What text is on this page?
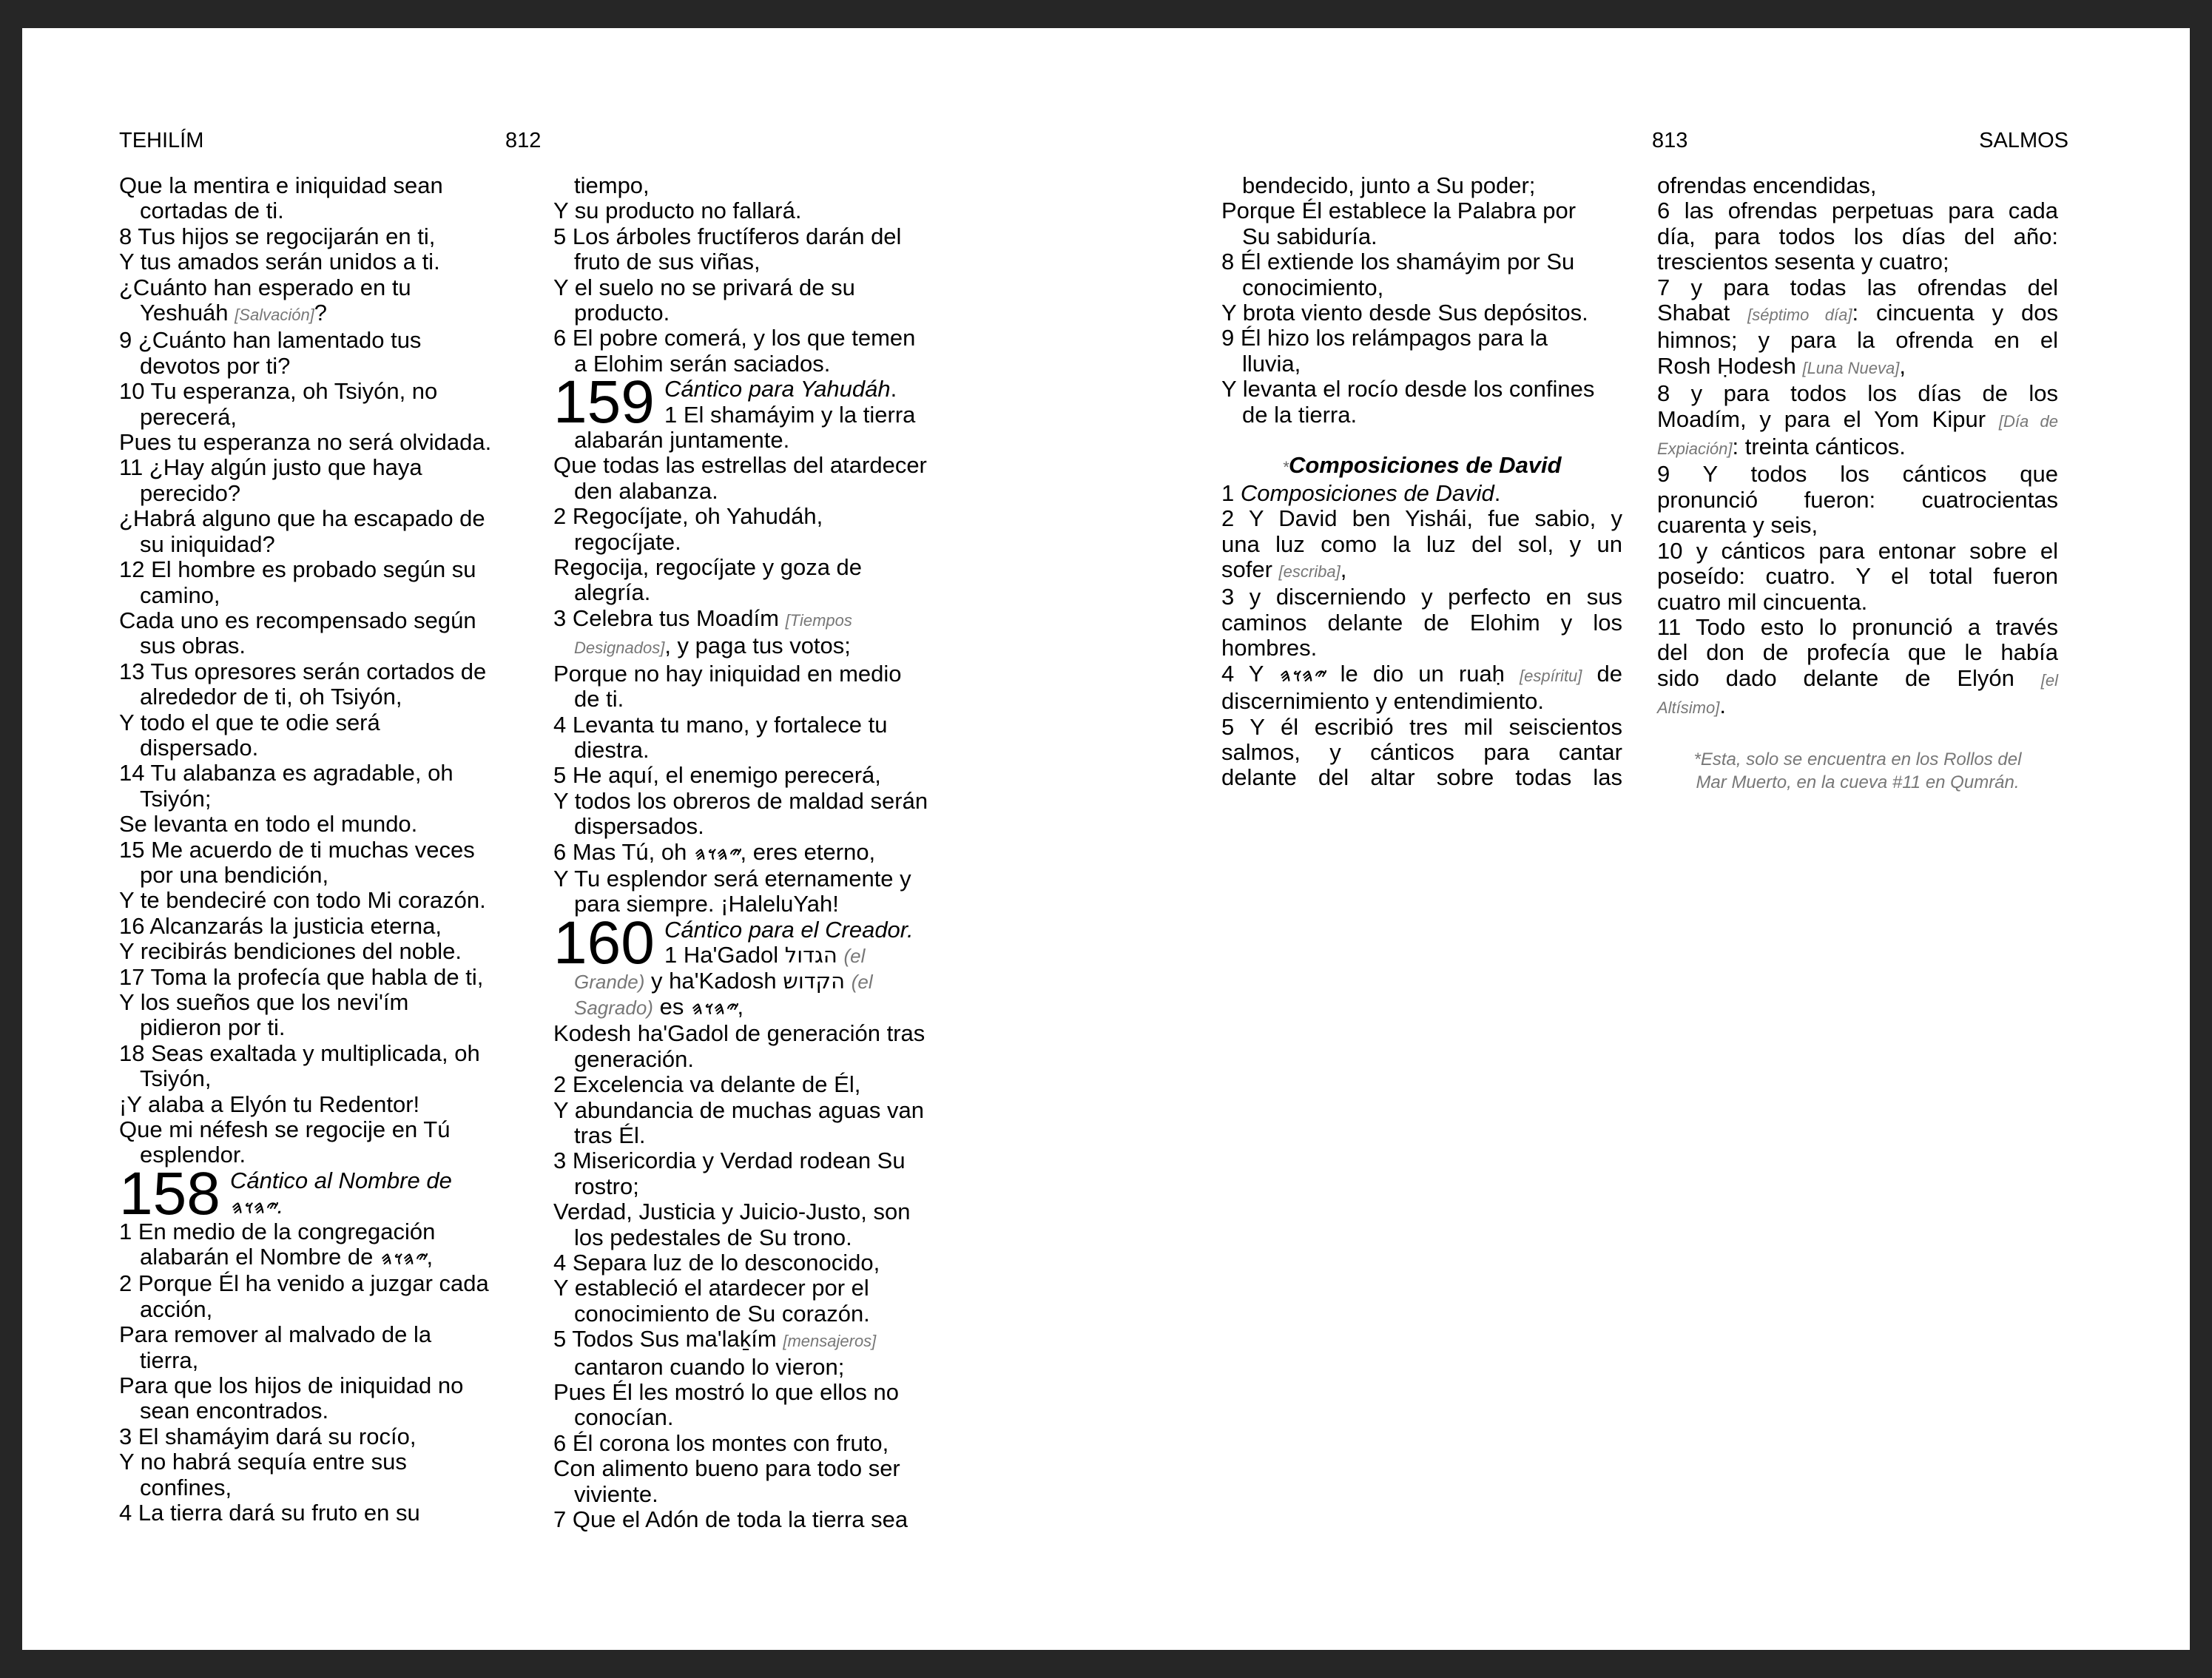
TEHILÍM	812
Que la mentira e iniquidad sean
cortadas de ti.
8 Tus hijos se regocijarán en ti,
Y tus amados serán unidos a ti.
¿Cuánto han esperado en tu
Yeshuáh [Salvación]?
9 ¿Cuánto han lamentado tus
devotos por ti?
10 Tu esperanza, oh Tsiyón, no
perecerá,
Pues tu esperanza no será olvidada.
11 ¿Hay algún justo que haya
perecido?
¿Habrá alguno que ha escapado de
su iniquidad?
12 El hombre es probado según su
camino,
Cada uno es recompensado según
sus obras.
13 Tus opresores serán cortados de
alrededor de ti, oh Tsiyón,
Y todo el que te odie será
dispersado.
14 Tu alabanza es agradable, oh
Tsiyón;
Se levanta en todo el mundo.
15 Me acuerdo de ti muchas veces
por una bendición,
Y te bendeciré con todo Mi corazón.
16 Alcanzarás la justicia eterna,
Y recibirás bendiciones del noble.
17 Toma la profecía que habla de ti,
Y los sueños que los nevi'ím
pidieron por ti.
18 Seas exaltada y multiplicada, oh
Tsiyón,
¡Y alaba a Elyón tu Redentor!
Que mi néfesh se regocije en Tú
esplendor.
158 Cántico al Nombre de
𐤉𐤄𐤅𐤄.
1 En medio de la congregación
alabarán el Nombre de 𐤉𐤄𐤅𐤄,
2 Porque Él ha venido a juzgar cada
acción,
Para remover al malvado de la
tierra,
Para que los hijos de iniquidad no
sean encontrados.
3 El shamáyim dará su rocío,
Y no habrá sequía entre sus
confines,
4 La tierra dará su fruto en su
tiempo,
Y su producto no fallará.
5 Los árboles fructíferos darán del
fruto de sus viñas,
Y el suelo no se privará de su
producto.
6 El pobre comerá, y los que temen
a Elohim serán saciados.
159 Cántico para Yahudáh.
1 El shamáyim y la tierra
alabarán juntamente.
Que todas las estrellas del atardecer
den alabanza.
2 Regocíjate, oh Yahudáh,
regocíjate.
Regocija, regocíjate y goza de
alegría.
3 Celebra tus Moadím [Tiempos
Designados], y paga tus votos;
Porque no hay iniquidad en medio
de ti.
4 Levanta tu mano, y fortalece tu
diestra.
5 He aquí, el enemigo perecerá,
Y todos los obreros de maldad serán
dispersados.
6 Mas Tú, oh 𐤉𐤄𐤅𐤄, eres eterno,
Y Tu esplendor será eternamente y
para siempre. ¡HaleluYah!
160 Cántico para el Creador.
1 Ha'Gadol הגדול (el
Grande) y ha'Kadosh הקדוש (el
Sagrado) es 𐤉𐤄𐤅𐤄,
Kodesh ha'Gadol de generación tras
generación.
2 Excelencia va delante de Él,
Y abundancia de muchas aguas van
tras Él.
3 Misericordia y Verdad rodean Su
rostro;
Verdad, Justicia y Juicio-Justo, son
los pedestales de Su trono.
4 Separa luz de lo desconocido,
Y estableció el atardecer por el
conocimiento de Su corazón.
5 Todos Sus ma'laḵím [mensajeros]
cantaron cuando lo vieron;
Pues Él les mostró lo que ellos no
conocían.
6 Él corona los montes con fruto,
Con alimento bueno para todo ser
viviente.
7 Que el Adón de toda la tierra sea
813	SALMOS
bendecido, junto a Su poder;
Porque Él establece la Palabra por
Su sabiduría.
8 Él extiende los shamáyim por Su
conocimiento,
Y brota viento desde Sus depósitos.
9 Él hizo los relámpagos para la
lluvia,
Y levanta el rocío desde los confines
de la tierra.
*Composiciones de David
1 Composiciones de David.
2 Y David ben Yishái, fue sabio, y
una luz como la luz del sol, y un
sofer [escriba],
3 y discerniendo y perfecto en sus
caminos delante de Elohim y los
hombres.
4 Y 𐤉𐤄𐤅𐤄 le dio un ruaḥ [espíritu] de
discernimiento y entendimiento.
5 Y él escribió tres mil seiscientos
salmos, y cánticos para cantar
delante del altar sobre todas las
ofrendas encendidas,
6 las ofrendas perpetuas para cada
día, para todos los días del año:
trescientos sesenta y cuatro;
7 y para todas las ofrendas del
Shabat [séptimo día]: cincuenta y dos
himnos; y para la ofrenda en el
Rosh Ḥodesh [Luna Nueva],
8 y para todos los días de los
Moadím, y para el Yom Kipur [Día de
Expiación]: treinta cánticos.
9 Y todos los cánticos que
pronunció fueron: cuatrocientas
cuarenta y seis,
10 y cánticos para entonar sobre el
poseído: cuatro. Y el total fueron
cuatro mil cincuenta.
11 Todo esto lo pronunció a través
del don de profecía que le había
sido dado delante de Elyón [el
Altísimo].
*Esta, solo se encuentra en los Rollos del
Mar Muerto, en la cueva #11 en Qumrán.
